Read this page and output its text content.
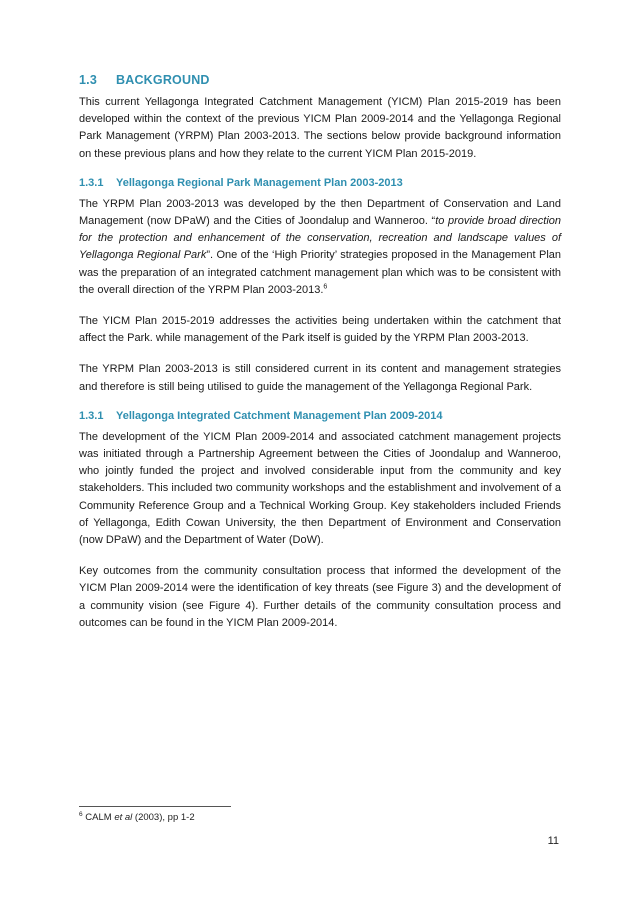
1.3 BACKGROUND

This current Yellagonga Integrated Catchment Management (YICM) Plan 2015-2019 has been developed within the context of the previous YICM Plan 2009-2014 and the Yellagonga Regional Park Management (YRPM) Plan 2003-2013. The sections below provide background information on these previous plans and how they relate to the current YICM Plan 2015-2019.

1.3.1 Yellagonga Regional Park Management Plan 2003-2013

The YRPM Plan 2003-2013 was developed by the then Department of Conservation and Land Management (now DPaW) and the Cities of Joondalup and Wanneroo. “to provide broad direction for the protection and enhancement of the conservation, recreation and landscape values of Yellagonga Regional Park”. One of the ‘High Priority’ strategies proposed in the Management Plan was the preparation of an integrated catchment management plan which was to be consistent with the overall direction of the YRPM Plan 2003-2013.$^6$

The YICM Plan 2015-2019 addresses the activities being undertaken within the catchment that affect the Park. while management of the Park itself is guided by the YRPM Plan 2003-2013.

The YRPM Plan 2003-2013 is still considered current in its content and management strategies and therefore is still being utilised to guide the management of the Yellagonga Regional Park.

1.3.1 Yellagonga Integrated Catchment Management Plan 2009-2014

The development of the YICM Plan 2009-2014 and associated catchment management projects was initiated through a Partnership Agreement between the Cities of Joondalup and Wanneroo, who jointly funded the project and involved considerable input from the community and key stakeholders. This included two community workshops and the establishment and involvement of a Community Reference Group and a Technical Working Group. Key stakeholders included Friends of Yellagonga, Edith Cowan University, the then Department of Environment and Conservation (now DPaW) and the Department of Water (DoW).

Key outcomes from the community consultation process that informed the development of the YICM Plan 2009-2014 were the identification of key threats (see Figure 3) and the development of a community vision (see Figure 4). Further details of the community consultation process and outcomes can be found in the YICM Plan 2009-2014.

$^6$ CALM et al (2003), pp 1-2
11
